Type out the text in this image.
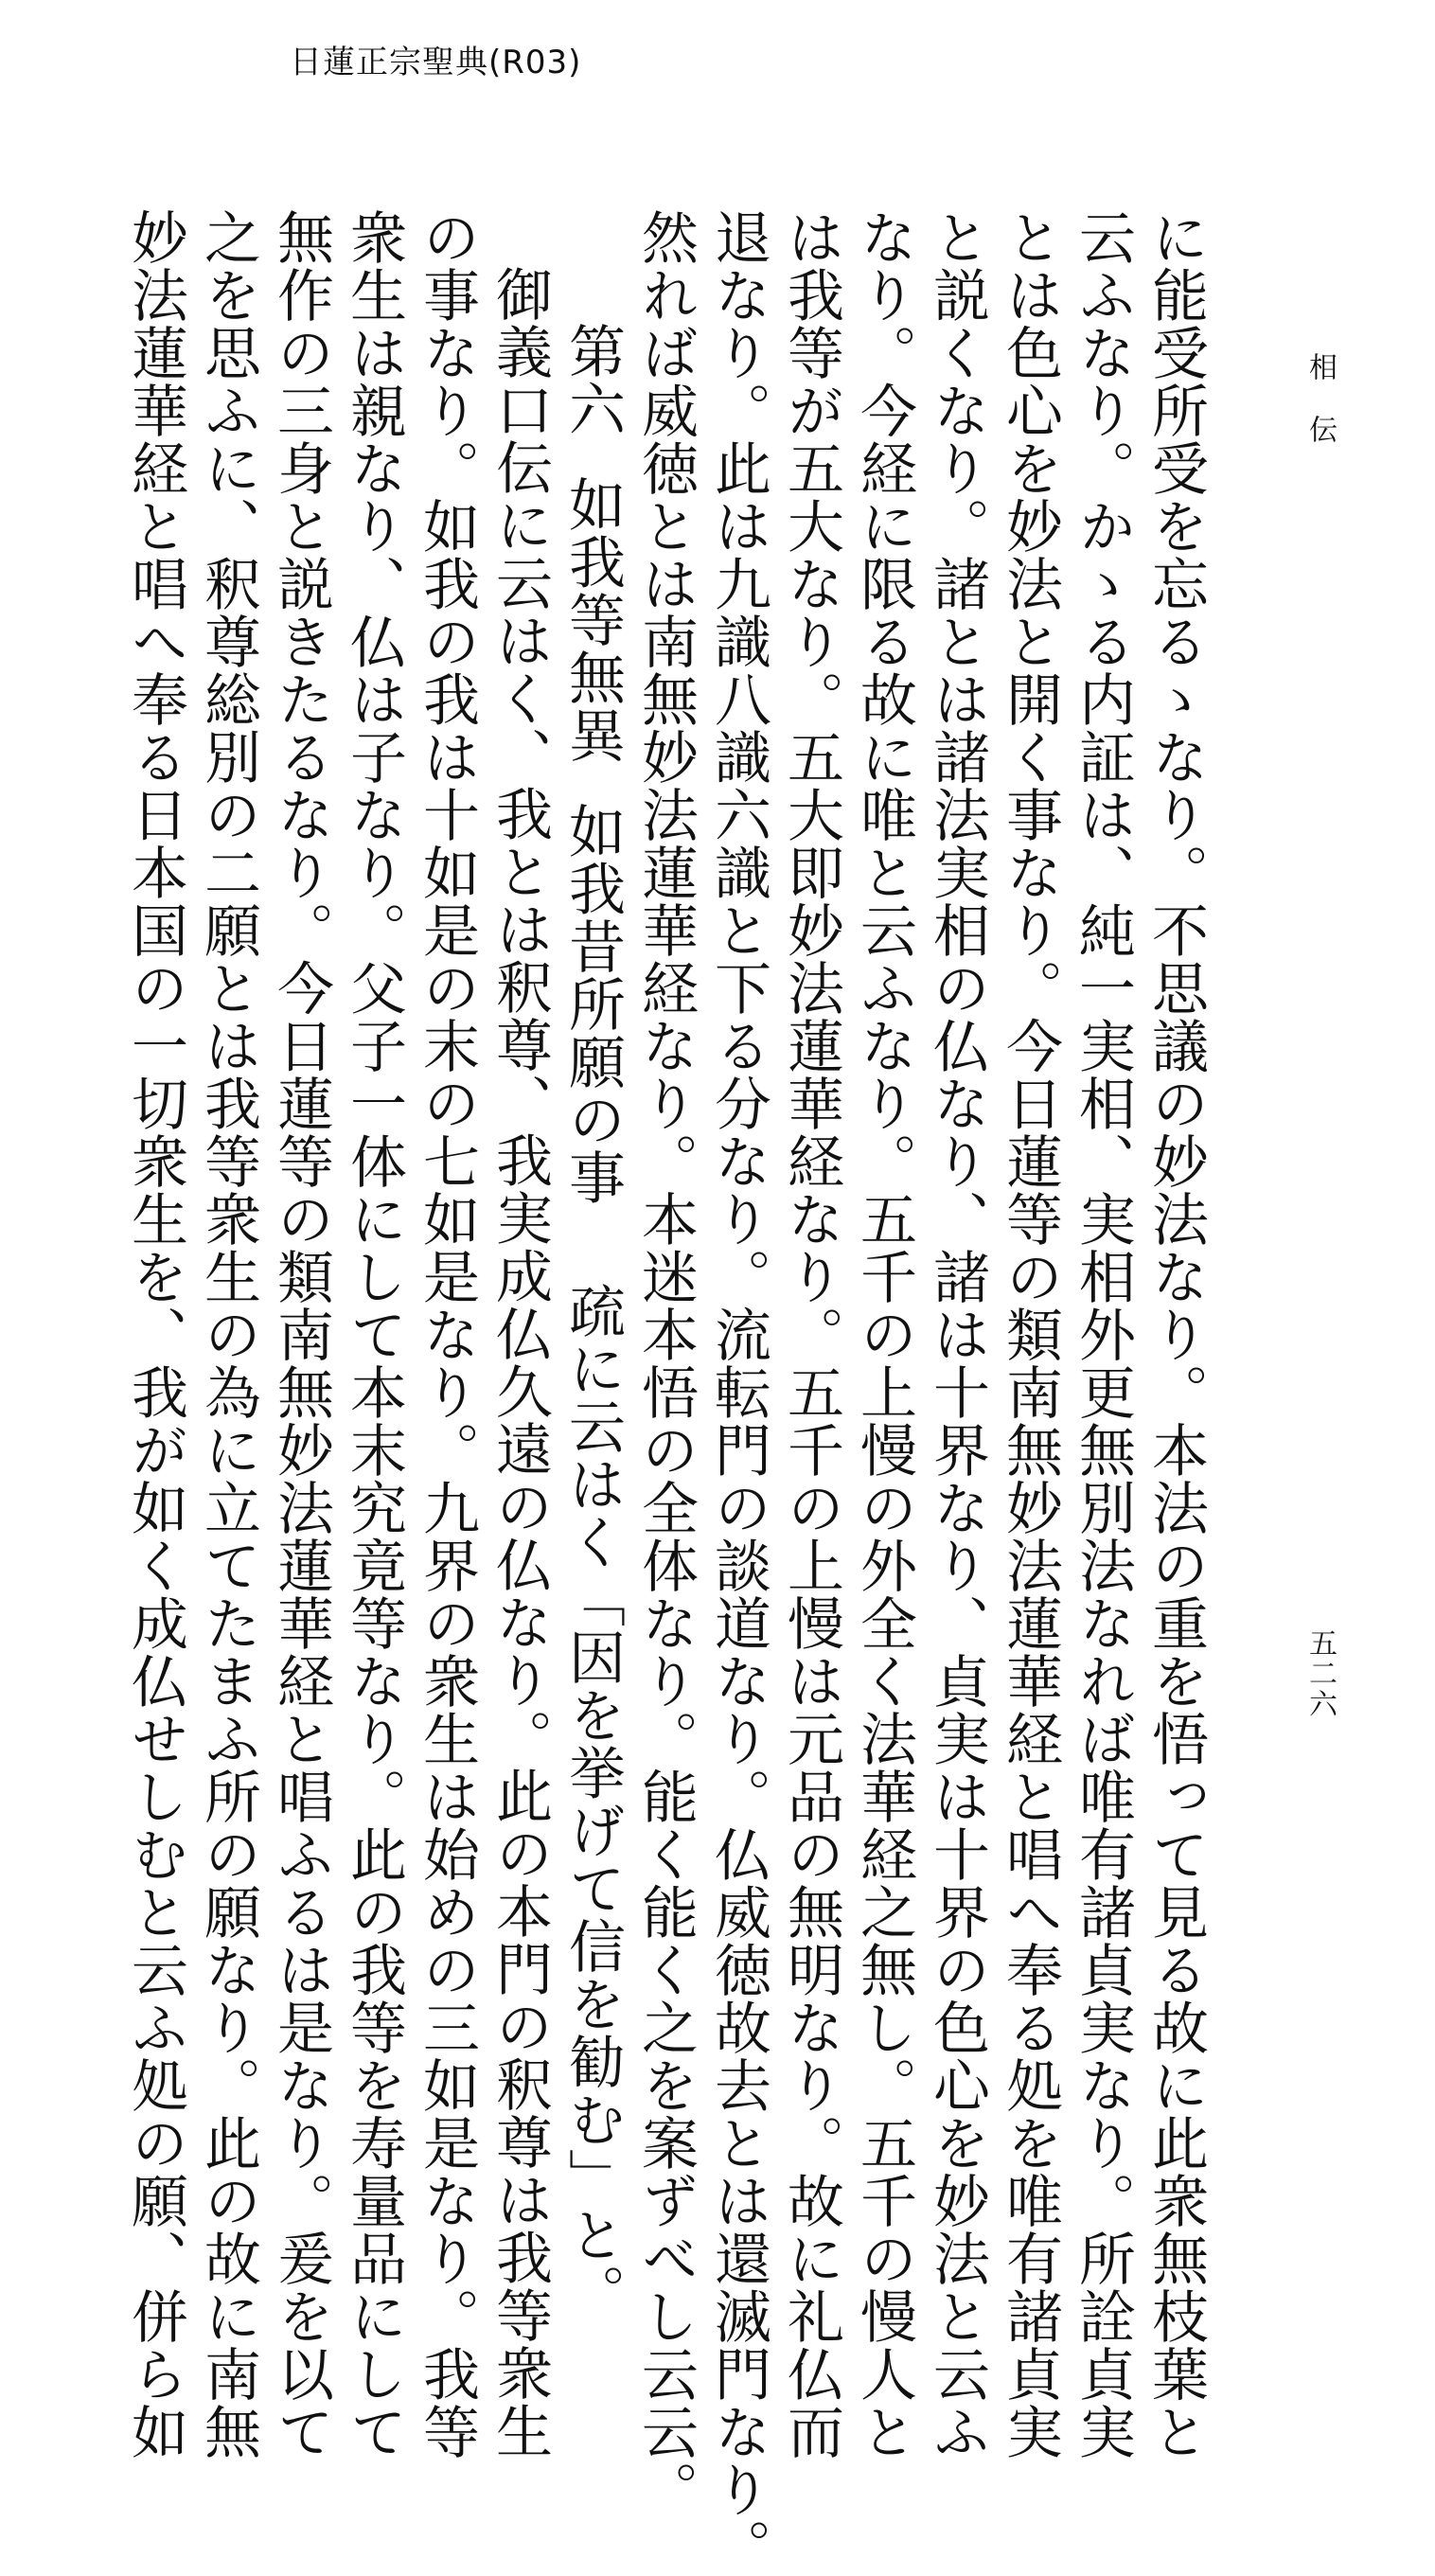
日蓮正宗聖典(R03)
相伝
五二六
に能受所受を忘るゝなり。不思議の妙法なり。本法の重を悟って見る故に此衆無枝葉と
云ふなり。かゝる内証は、純一実相、実相外更無別法なれば唯有諸貞実なり。所詮貞実
とは色心を妙法と開く事なり。今日蓮等の類南無妙法蓮華経と唱へ奉る処を唯有諸貞実
と説くなり。諸とは諸法実相の仏なり、諸は十界なり、貞実は十界の色心を妙法と云ふ
なり。今経に限る故に唯と云ふなり。五千の上慢の外全く法華経之無し。五千の慢人と
は我等が五大なり。五大即妙法蓮華経なり。五千の上慢は元品の無明なり。故に礼仏而
退なり。此は九識八識六識と下る分なり。流転門の談道なり。仏威徳故去とは還滅門なり。
然れば威徳とは南無妙法蓮華経なり。本迷本悟の全体なり。能く能く之を案ずべし云云。
第六如我等無異如我昔所願の事疏に云はく「因を挙げて信を勧む」と。
御義口伝に云はく、我とは釈尊、我実成仏久遠の仏なり。此の本門の釈尊は我等衆生
の事なり。如我の我は十如是の末の七如是なり。九界の衆生は始めの三如是なり。我等
衆生は親なり、仏は子なり。父子一体にして本末究竟等なり。此の我等を寿量品にして
無作の三身と説きたるなり。今日蓮等の類南無妙法蓮華経と唱ふるは是なり。爰を以て
之を思ふに、釈尊総別の二願とは我等衆生の為に立てたまふ所の願なり。此の故に南無
妙法蓮華経と唱へ奉る日本国の一切衆生を、我が如く成仏せしむと云ふ処の願、併ら如
